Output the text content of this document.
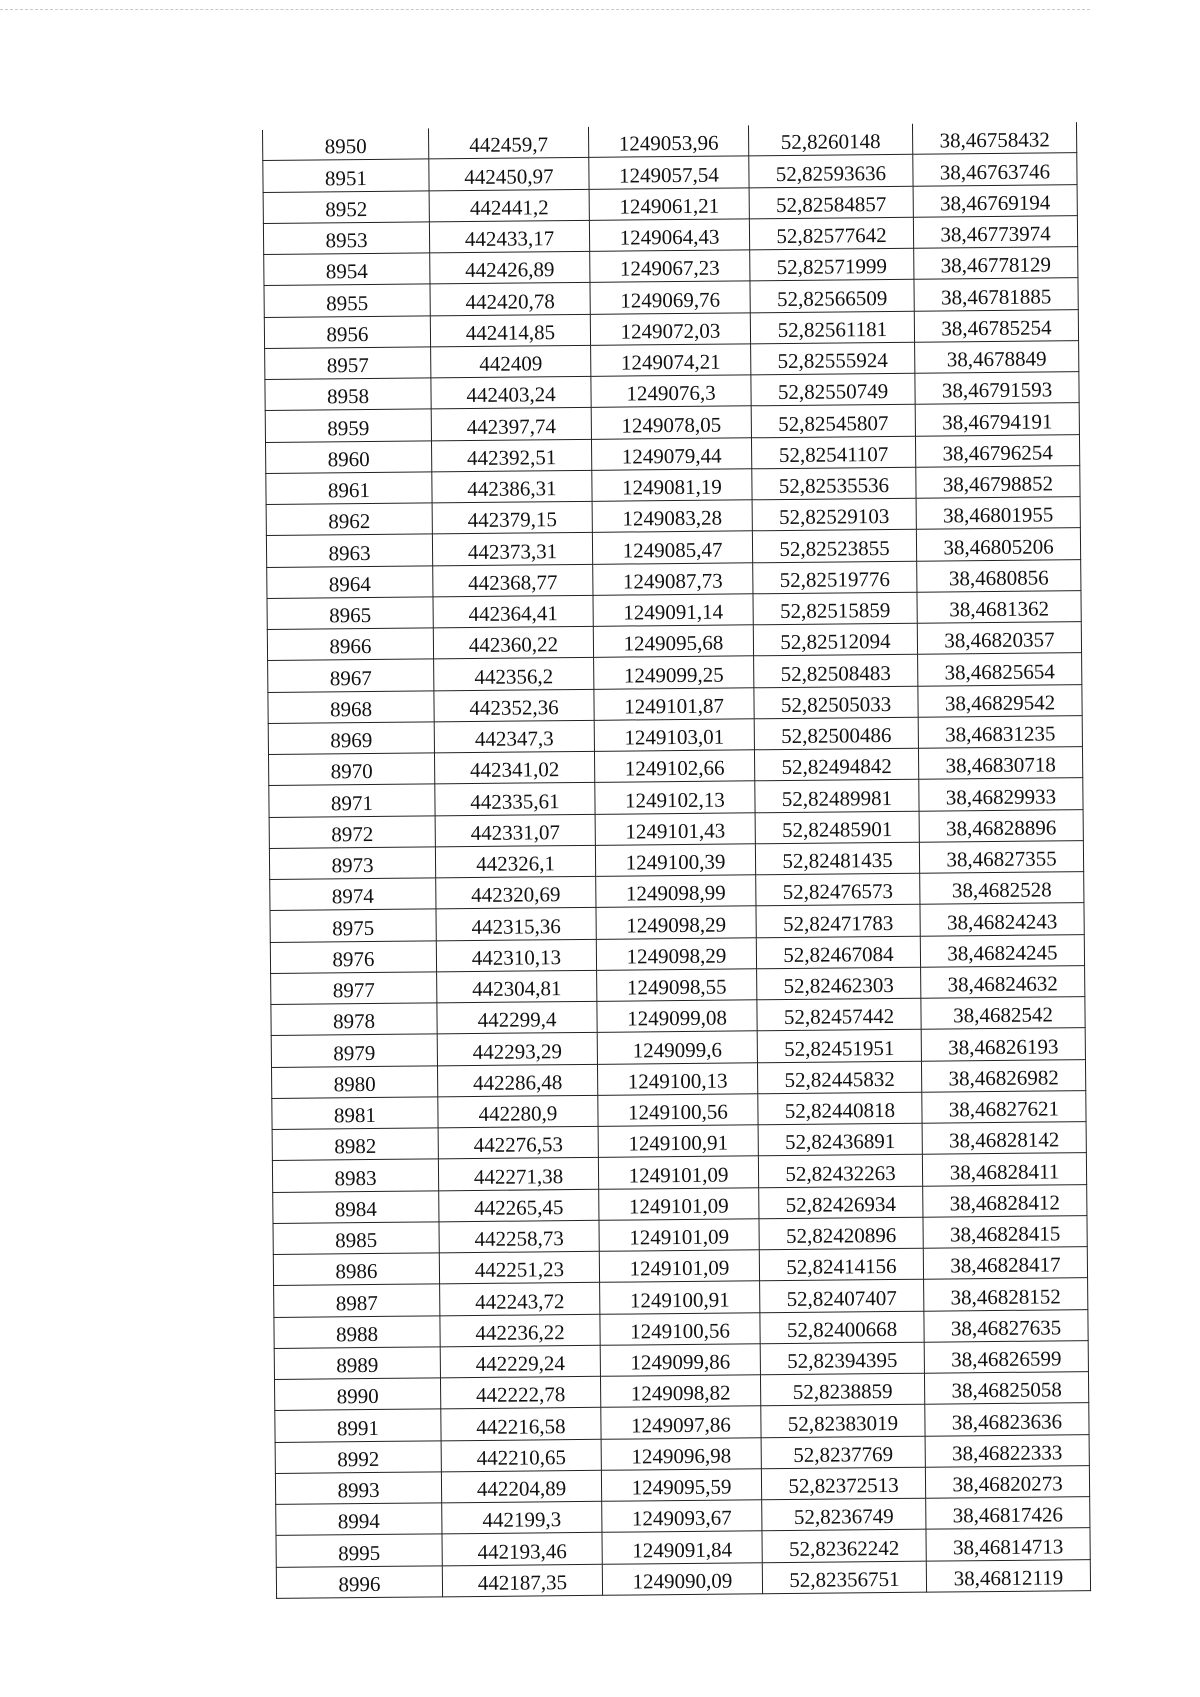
8950	442459,7	1249053,96	52,8260148	38,46758432
8951	442450,97	1249057,54	52,82593636	38,46763746
8952	442441,2	1249061,21	52,82584857	38,46769194
8953	442433,17	1249064,43	52,82577642	38,46773974
8954	442426,89	1249067,23	52,82571999	38,46778129
8955	442420,78	1249069,76	52,82566509	38,46781885
8956	442414,85	1249072,03	52,82561181	38,46785254
8957	442409	1249074,21	52,82555924	38,4678849
8958	442403,24	1249076,3	52,82550749	38,46791593
8959	442397,74	1249078,05	52,82545807	38,46794191
8960	442392,51	1249079,44	52,82541107	38,46796254
8961	442386,31	1249081,19	52,82535536	38,46798852
8962	442379,15	1249083,28	52,82529103	38,46801955
8963	442373,31	1249085,47	52,82523855	38,46805206
8964	442368,77	1249087,73	52,82519776	38,4680856
8965	442364,41	1249091,14	52,82515859	38,4681362
8966	442360,22	1249095,68	52,82512094	38,46820357
8967	442356,2	1249099,25	52,82508483	38,46825654
8968	442352,36	1249101,87	52,82505033	38,46829542
8969	442347,3	1249103,01	52,82500486	38,46831235
8970	442341,02	1249102,66	52,82494842	38,46830718
8971	442335,61	1249102,13	52,82489981	38,46829933
8972	442331,07	1249101,43	52,82485901	38,46828896
8973	442326,1	1249100,39	52,82481435	38,46827355
8974	442320,69	1249098,99	52,82476573	38,4682528
8975	442315,36	1249098,29	52,82471783	38,46824243
8976	442310,13	1249098,29	52,82467084	38,46824245
8977	442304,81	1249098,55	52,82462303	38,46824632
8978	442299,4	1249099,08	52,82457442	38,4682542
8979	442293,29	1249099,6	52,82451951	38,46826193
8980	442286,48	1249100,13	52,82445832	38,46826982
8981	442280,9	1249100,56	52,82440818	38,46827621
8982	442276,53	1249100,91	52,82436891	38,46828142
8983	442271,38	1249101,09	52,82432263	38,46828411
8984	442265,45	1249101,09	52,82426934	38,46828412
8985	442258,73	1249101,09	52,82420896	38,46828415
8986	442251,23	1249101,09	52,82414156	38,46828417
8987	442243,72	1249100,91	52,82407407	38,46828152
8988	442236,22	1249100,56	52,82400668	38,46827635
8989	442229,24	1249099,86	52,82394395	38,46826599
8990	442222,78	1249098,82	52,8238859	38,46825058
8991	442216,58	1249097,86	52,82383019	38,46823636
8992	442210,65	1249096,98	52,8237769	38,46822333
8993	442204,89	1249095,59	52,82372513	38,46820273
8994	442199,3	1249093,67	52,8236749	38,46817426
8995	442193,46	1249091,84	52,82362242	38,46814713
8996	442187,35	1249090,09	52,82356751	38,46812119
